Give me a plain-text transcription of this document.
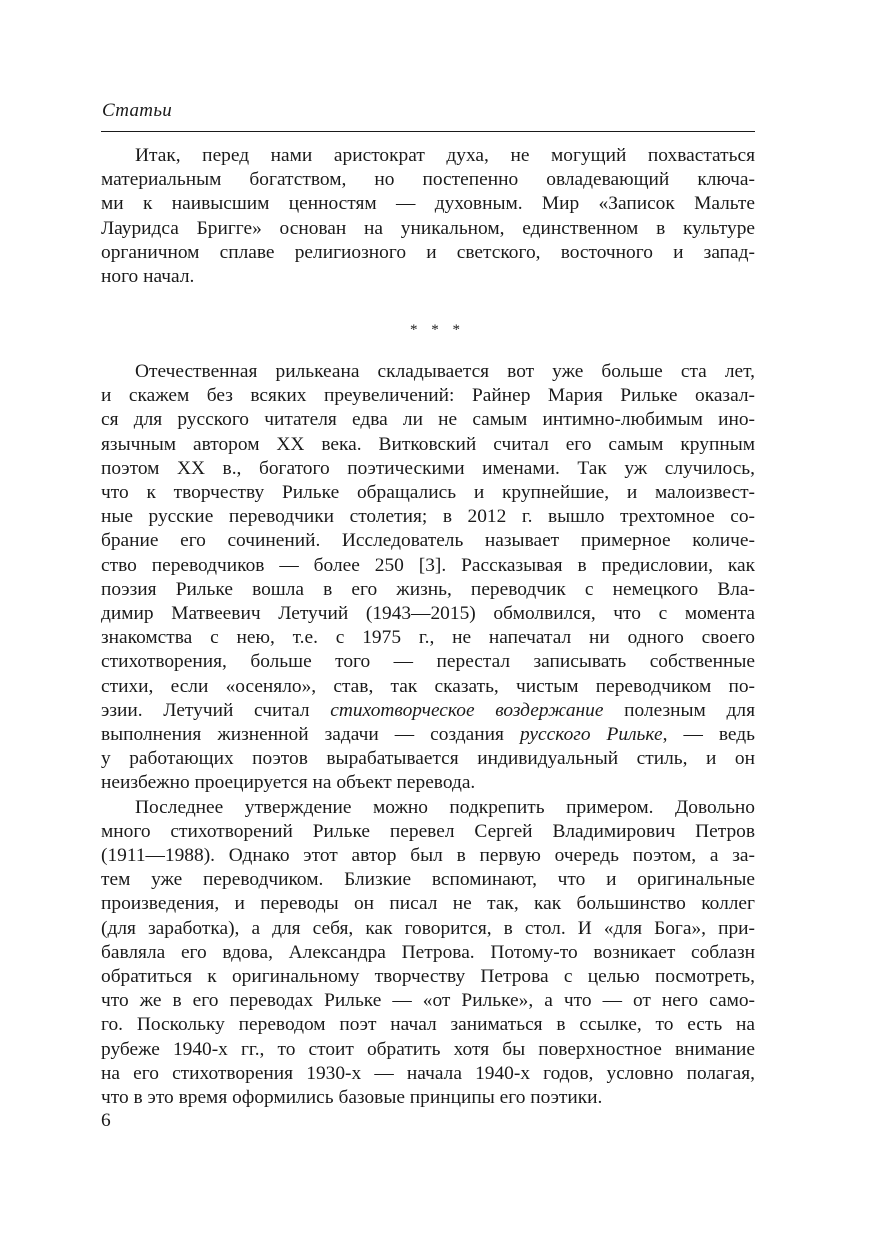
Статьи
Итак, перед нами аристократ духа, не могущий похвастаться
материальным богатством, но постепенно овладевающий ключа-
ми к наивысшим ценностям — духовным. Мир «Записок Мальте
Лауридса Бригге» основан на уникальном, единственном в культуре
органичном сплаве религиозного и светского, восточного и запад-
ного начал.
* * *
Отечественная рилькеана складывается вот уже больше ста лет,
и скажем без всяких преувеличений: Райнер Мария Рильке оказал-
ся для русского читателя едва ли не самым интимно-любимым ино-
язычным автором ХХ века. Витковский считал его самым крупным
поэтом XX в., богатого поэтическими именами. Так уж случилось,
что к творчеству Рильке обращались и крупнейшие, и малоизвест-
ные русские переводчики столетия; в 2012 г. вышло трехтомное со-
брание его сочинений. Исследователь называет примерное количе-
ство переводчиков — более 250 [3]. Рассказывая в предисловии, как
поэзия Рильке вошла в его жизнь, переводчик с немецкого Вла-
димир Матвеевич Летучий (1943—2015) обмолвился, что с момента
знакомства с нею, т.е. с 1975 г., не напечатал ни одного своего
стихотворения, больше того — перестал записывать собственные
стихи, если «осеняло», став, так сказать, чистым переводчиком по-
эзии. Летучий считал стихотворческое воздержание полезным для
выполнения жизненной задачи — создания русского Рильке, — ведь
у работающих поэтов вырабатывается индивидуальный стиль, и он
неизбежно проецируется на объект перевода.
Последнее утверждение можно подкрепить примером. Довольно
много стихотворений Рильке перевел Сергей Владимирович Петров
(1911—1988). Однако этот автор был в первую очередь поэтом, а за-
тем уже переводчиком. Близкие вспоминают, что и оригинальные
произведения, и переводы он писал не так, как большинство коллег
(для заработка), а для себя, как говорится, в стол. И «для Бога», при-
бавляла его вдова, Александра Петрова. Потому-то возникает соблазн
обратиться к оригинальному творчеству Петрова с целью посмотреть,
что же в его переводах Рильке — «от Рильке», а что — от него само-
го. Поскольку переводом поэт начал заниматься в ссылке, то есть на
рубеже 1940-х гг., то стоит обратить хотя бы поверхностное внимание
на его стихотворения 1930-х — начала 1940-х годов, условно полагая,
что в это время оформились базовые принципы его поэтики.
6
